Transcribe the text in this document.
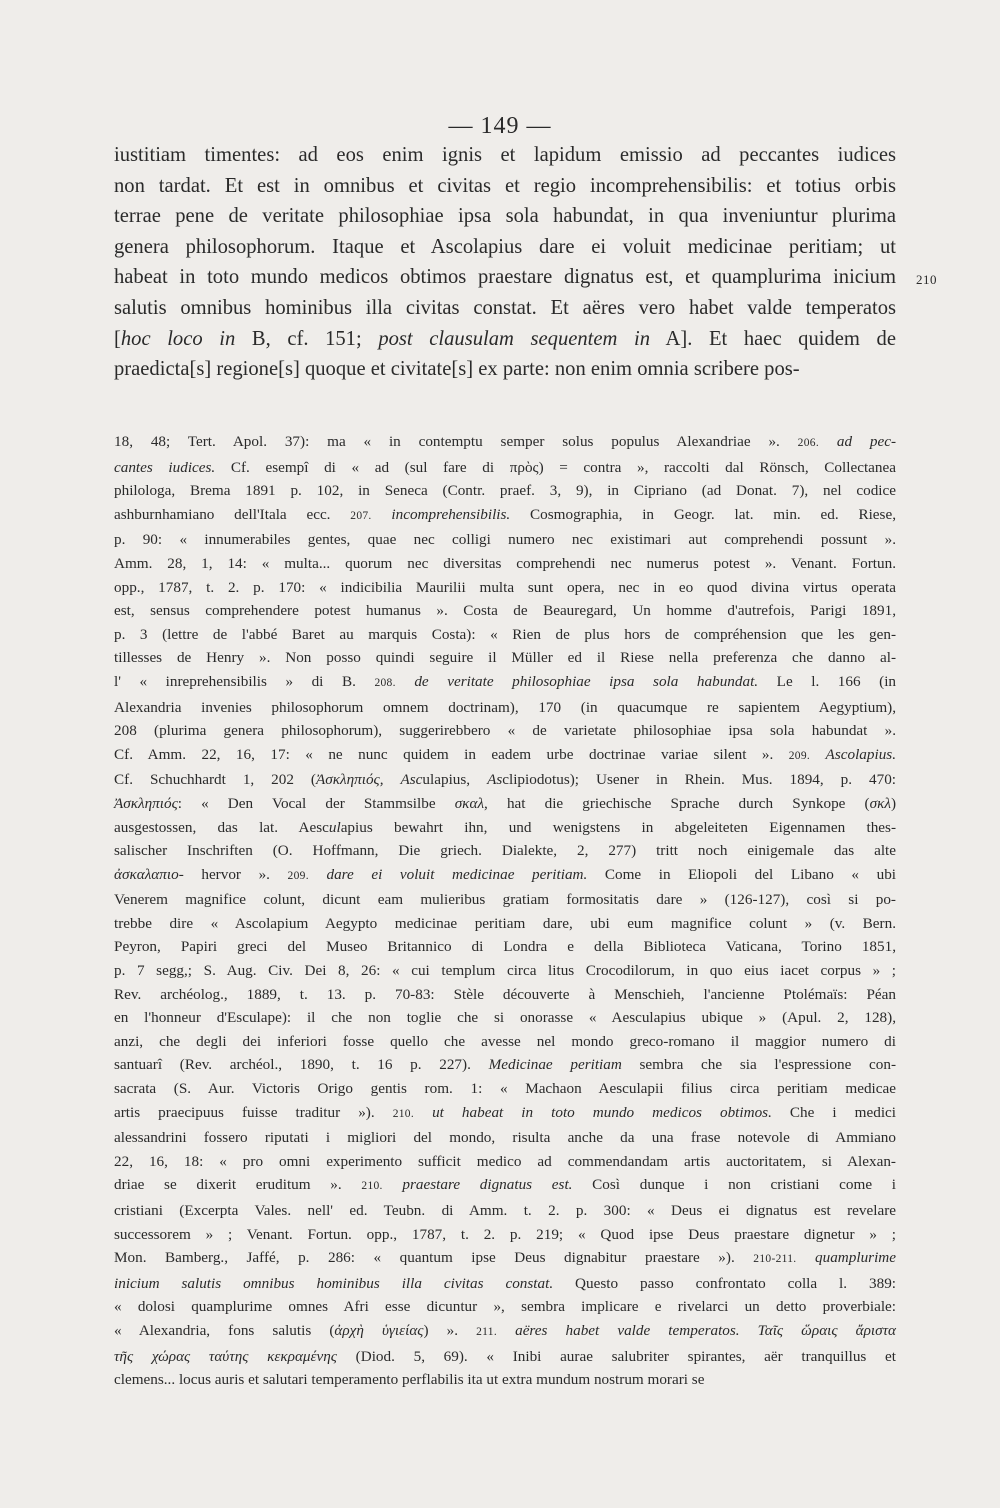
— 149 —
iustitiam timentes: ad eos enim ignis et lapidum emissio ad peccantes iudices
non tardat. Et est in omnibus et civitas et regio incomprehensibilis: et totius orbis
terrae pene de veritate philosophiae ipsa sola habundat, in qua inveniuntur plurima
genera philosophorum. Itaque et Ascolapius dare ei voluit medicinae peritiam; ut
habeat in toto mundo medicos obtimos praestare dignatus est, et quamplurima inicium
salutis omnibus hominibus illa civitas constat. Et aëres vero habet valde temperatos
[hoc loco in B, cf. 151; post clausulam sequentem in A]. Et haec quidem de
praedicta[s] regione[s] quoque et civitate[s] ex parte: non enim omnia scribere pos-
210
18, 48; Tert. Apol. 37): ma « in contemptu semper solus populus Alexandriae ». 206. ad pec-
cantes iudices. Cf. esempî di « ad (sul fare di πρὸς) = contra », raccolti dal Rönsch, Collectanea
philologa, Brema 1891 p. 102, in Seneca (Contr. praef. 3, 9), in Cipriano (ad Donat. 7), nel codice
ashburnhamiano dell'Itala ecc. 207. incomprehensibilis. Cosmographia, in Geogr. lat. min. ed. Riese,
p. 90: « innumerabiles gentes, quae nec colligi numero nec existimari aut comprehendi possunt ».
Amm. 28, 1, 14: « multa... quorum nec diversitas comprehendi nec numerus potest ». Venant. Fortun.
opp., 1787, t. 2. p. 170: « indicibilia Maurilii multa sunt opera, nec in eo quod divina virtus operata
est, sensus comprehendere potest humanus ». Costa de Beauregard, Un homme d'autrefois, Parigi 1891,
p. 3 (lettre de l'abbé Baret au marquis Costa): « Rien de plus hors de compréhension que les gen-
tillesses de Henry ». Non posso quindi seguire il Müller ed il Riese nella preferenza che danno al-
l' « inreprehensibilis » di B. 208. de veritate philosophiae ipsa sola habundat. Le l. 166 (in
Alexandria invenies philosophorum omnem doctrinam), 170 (in quacumque re sapientem Aegyptium),
208 (plurima genera philosophorum), suggerirebbero « de varietate philosophiae ipsa sola habundat ».
Cf. Amm. 22, 16, 17: « ne nunc quidem in eadem urbe doctrinae variae silent ». 209. Ascolapius.
Cf. Schuchhardt 1, 202 (Ἀσκληπιός, Asculapius, Asclipiodotus); Usener in Rhein. Mus. 1894, p. 470:
Ἀσκληπιός: « Den Vocal der Stammsilbe σκαλ, hat die griechische Sprache durch Synkope (σκλ)
ausgestossen, das lat. Aesculapius bewahrt ihn, und wenigstens in abgeleiteten Eigennamen thes-
salischer Inschriften (O. Hoffmann, Die griech. Dialekte, 2, 277) tritt noch einigemale das alte
ἀσκαλαπιο- hervor ». 209. dare ei voluit medicinae peritiam. Come in Eliopoli del Libano « ubi
Venerem magnifice colunt, dicunt eam mulieribus gratiam formositatis dare » (126-127), così si po-
trebbe dire « Ascolapium Aegypto medicinae peritiam dare, ubi eum magnifice colunt » (v. Bern.
Peyron, Papiri greci del Museo Britannico di Londra e della Biblioteca Vaticana, Torino 1851,
p. 7 segg,; S. Aug. Civ. Dei 8, 26: « cui templum circa litus Crocodilorum, in quo eius iacet corpus » ;
Rev. archéolog., 1889, t. 13. p. 70-83: Stèle découverte à Menschieh, l'ancienne Ptolémaïs: Péan
en l'honneur d'Esculape): il che non toglie che si onorasse « Aesculapius ubique » (Apul. 2, 128),
anzi, che degli dei inferiori fosse quello che avesse nel mondo greco-romano il maggior numero di
santuarî (Rev. archéol., 1890, t. 16 p. 227). Medicinae peritiam sembra che sia l'espressione con-
sacrata (S. Aur. Victoris Origo gentis rom. 1: « Machaon Aesculapii filius circa peritiam medicae
artis praecipuus fuisse traditur »). 210. ut habeat in toto mundo medicos obtimos. Che i medici
alessandrini fossero riputati i migliori del mondo, risulta anche da una frase notevole di Ammiano
22, 16, 18: « pro omni experimento sufficit medico ad commendandam artis auctoritatem, si Alexan-
driae se dixerit eruditum ». 210. praestare dignatus est. Così dunque i non cristiani come i
cristiani (Excerpta Vales. nell' ed. Teubn. di Amm. t. 2. p. 300: « Deus ei dignatus est revelare
successorem » ; Venant. Fortun. opp., 1787, t. 2. p. 219; « Quod ipse Deus praestare dignetur » ;
Mon. Bamberg., Jaffé, p. 286: « quantum ipse Deus dignabitur praestare »). 210-211. quamplurime
inicium salutis omnibus hominibus illa civitas constat. Questo passo confrontato colla l. 389:
« dolosi quamplurime omnes Afri esse dicuntur », sembra implicare e rivelarci un detto proverbiale:
« Alexandria, fons salutis (ἀρχὴ ὑγιείας) ». 211. aëres habet valde temperatos. Ταῖς ὥραις ἄριστα
τῆς χώρας ταύτης κεκραμένης (Diod. 5, 69). « Inibi aurae salubriter spirantes, aër tranquillus et
clemens... locus auris et salutari temperamento perflabilis ita ut extra mundum nostrum morari se
